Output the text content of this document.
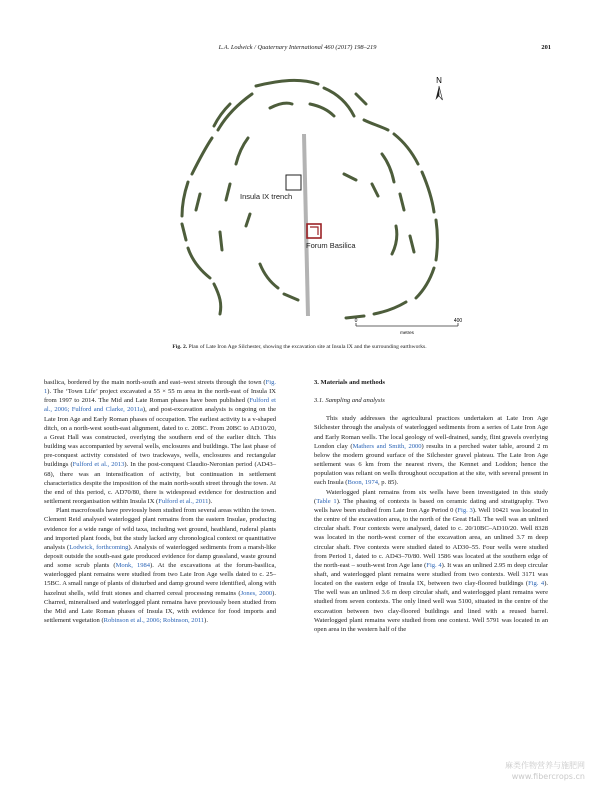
L.A. Lodwick / Quaternary International 460 (2017) 198–219	201
N
Insula IX trench
Forum Basilica
0	400
metres
Fig. 2. Plan of Late Iron Age Silchester, showing the excavation site at Insula IX and the surrounding earthworks.

basilica, bordered by the main north-south and east–west streets through the town (Fig. 1). The ‘Town Life’ project excavated a 55 × 55 m area in the north-east of Insula IX from 1997 to 2014. The Mid and Late Roman phases have been published (Fulford et al., 2006; Fulford and Clarke, 2011a), and post-excavation analysis is ongoing on the Late Iron Age and Early Roman phases of occupation. The earliest activity is a v-shaped ditch, on a north-west south-east alignment, dated to c. 20BC. From 20BC to AD10/20, a Great Hall was constructed, overlying the southern end of the earlier ditch. This building was accompanied by several wells, enclosures and buildings. The last phase of pre-conquest activity consisted of two trackways, wells, enclosures and rectangular buildings (Fulford et al., 2013). In the post-conquest Claudio-Neronian period (AD43–68), there was an intensification of activity, but continuation in settlement characteristics despite the imposition of the main north-south street through the town. At the end of this period, c. AD70/80, there is widespread evidence for destruction and settlement reorganisation within Insula IX (Fulford et al., 2011).

Plant macrofossils have previously been studied from several areas within the town. Clement Reid analysed waterlogged plant remains from the eastern Insulae, producing evidence for a wide range of wild taxa, including wet ground, heathland, ruderal plants and imported plant foods, but the study lacked any chronological context or quantitative analysis (Lodwick, forthcoming). Analysis of waterlogged sediments from a marsh-like deposit outside the south-east gate produced evidence for damp grassland, waste ground and some scrub plants (Monk, 1984). At the excavations at the forum-basilica, waterlogged plant remains were studied from two Late Iron Age wells dated to c. 25–15BC. A small range of plants of disturbed and damp ground were identified, along with hazelnut shells, wild fruit stones and charred cereal processing remains (Jones, 2000). Charred, mineralised and waterlogged plant remains have previously been studied from the Mid and Late Roman phases of Insula IX, with evidence for food imports and settlement vegetation (Robinson et al., 2006; Robinson, 2011).

3. Materials and methods

3.1. Sampling and analysis

This study addresses the agricultural practices undertaken at Late Iron Age Silchester through the analysis of waterlogged sediments from a series of Late Iron Age and Early Roman wells. The local geology of well-drained, sandy, flint gravels overlying London clay (Mathers and Smith, 2000) results in a perched water table, around 2 m below the modern ground surface of the Silchester gravel plateau. The Late Iron Age settlement was 6 km from the nearest rivers, the Kennet and Loddon; hence the population was reliant on wells throughout occupation at the site, with several present in each Insula (Boon, 1974, p. 85).

Waterlogged plant remains from six wells have been investigated in this study (Table 1). The phasing of contexts is based on ceramic dating and stratigraphy. Two wells have been studied from Late Iron Age Period 0 (Fig. 3). Well 10421 was located in the centre of the excavation area, to the north of the Great Hall. The well was an unlined circular shaft. Four contexts were analysed, dated to c. 20/10BC–AD10/20. Well 8328 was located in the north-west corner of the excavation area, an unlined 3.7 m deep circular shaft. Five contexts were studied dated to AD30–55. Four wells were studied from Period 1, dated to c. AD43–70/80. Well 1586 was located at the southern edge of the north-east – south-west Iron Age lane (Fig. 4). It was an unlined 2.95 m deep circular shaft, and waterlogged plant remains were studied from two contexts. Well 3171 was located on the eastern edge of Insula IX, between two clay-floored buildings (Fig. 4). The well was an unlined 3.6 m deep circular shaft, and waterlogged plant remains were studied from seven contexts. The only lined well was 5100, situated in the centre of the excavation between two clay-floored buildings and lined with a reused barrel. Waterlogged plant remains were studied from one context. Well 5791 was located in an open area in the western half of the

麻类作物营养与施肥网
www.fibercrops.cn
